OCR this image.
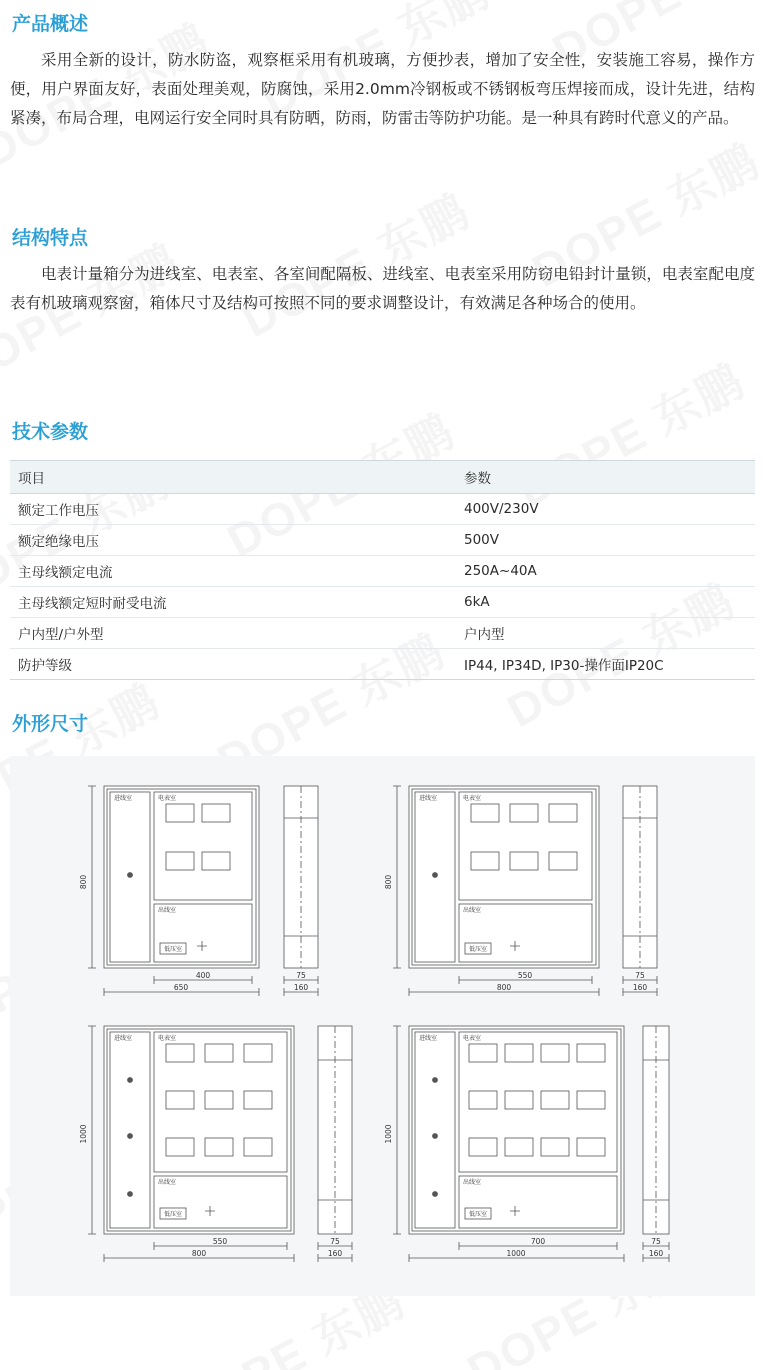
产品概述

采用全新的设计，防水防盗，观察框采用有机玻璃，方便抄表，增加了安全性，安装施工容易，操作方便，用户界面友好，表面处理美观，防腐蚀，采用2.0mm冷钢板或不锈钢板弯压焊接而成，设计先进，结构紧凑，布局合理，电网运行安全同时具有防晒，防雨，防雷击等防护功能。是一种具有跨时代意义的产品。

结构特点

电表计量箱分为进线室、电表室、各室间配隔板、进线室、电表室采用防窃电铅封计量锁，电表室配电度表有机玻璃观察窗，箱体尺寸及结构可按照不同的要求调整设计，有效满足各种场合的使用。

技术参数
项目	参数
额定工作电压	400V/230V
额定绝缘电压	500V
主母线额定电流	250A~40A
主母线额定短时耐受电流	6kA
户内型/户外型	户内型
防护等级	IP44, IP34D, IP30-操作面IP20C
外形尺寸
进线室	电表室
出线室
低压室
800
400
650
75
160
进线室	电表室
出线室
低压室
800
550
800
75
160
进线室	电表室
出线室
低压室
1000
550
800
75
160
进线室	电表室
出线室
低压室
1000
700
1000
75
160
